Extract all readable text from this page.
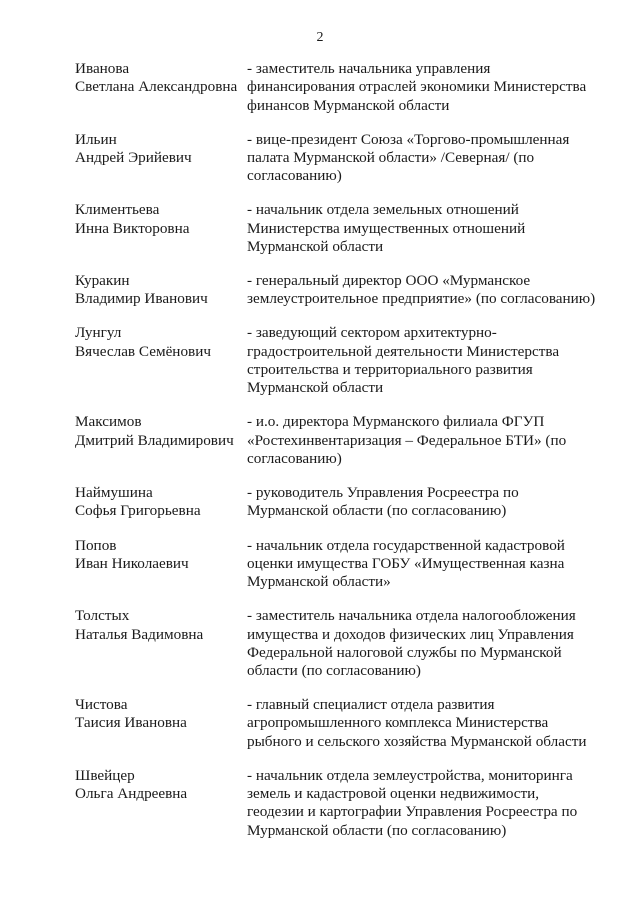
2
Иванова
Светлана Александровна
- заместитель начальника управления
финансирования отраслей экономики Министерства
финансов Мурманской области
Ильин
Андрей Эрийевич
- вице-президент Союза «Торгово-промышленная
палата Мурманской области» /Северная/ (по
согласованию)
Климентьева
Инна Викторовна
- начальник отдела земельных отношений
Министерства имущественных отношений
Мурманской области
Куракин
Владимир Иванович
- генеральный директор ООО «Мурманское
землеустроительное предприятие» (по согласованию)
Лунгул
Вячеслав Семёнович
- заведующий сектором архитектурно-
градостроительной деятельности Министерства
строительства и территориального развития
Мурманской области
Максимов
Дмитрий Владимирович
- и.о. директора Мурманского филиала ФГУП
«Ростехинвентаризация – Федеральное БТИ» (по
согласованию)
Наймушина
Софья Григорьевна
- руководитель Управления Росреестра по
Мурманской области (по согласованию)
Попов
Иван Николаевич
- начальник отдела государственной кадастровой
оценки имущества ГОБУ «Имущественная казна
Мурманской области»
Толстых
Наталья Вадимовна
- заместитель начальника отдела налогообложения
имущества и доходов физических лиц Управления
Федеральной налоговой службы по Мурманской
области (по согласованию)
Чистова
Таисия Ивановна
- главный специалист отдела развития
агропромышленного комплекса Министерства
рыбного и сельского хозяйства Мурманской области
Швейцер
Ольга Андреевна
- начальник отдела землеустройства, мониторинга
земель и кадастровой оценки недвижимости,
геодезии и картографии Управления Росреестра по
Мурманской области (по согласованию)
